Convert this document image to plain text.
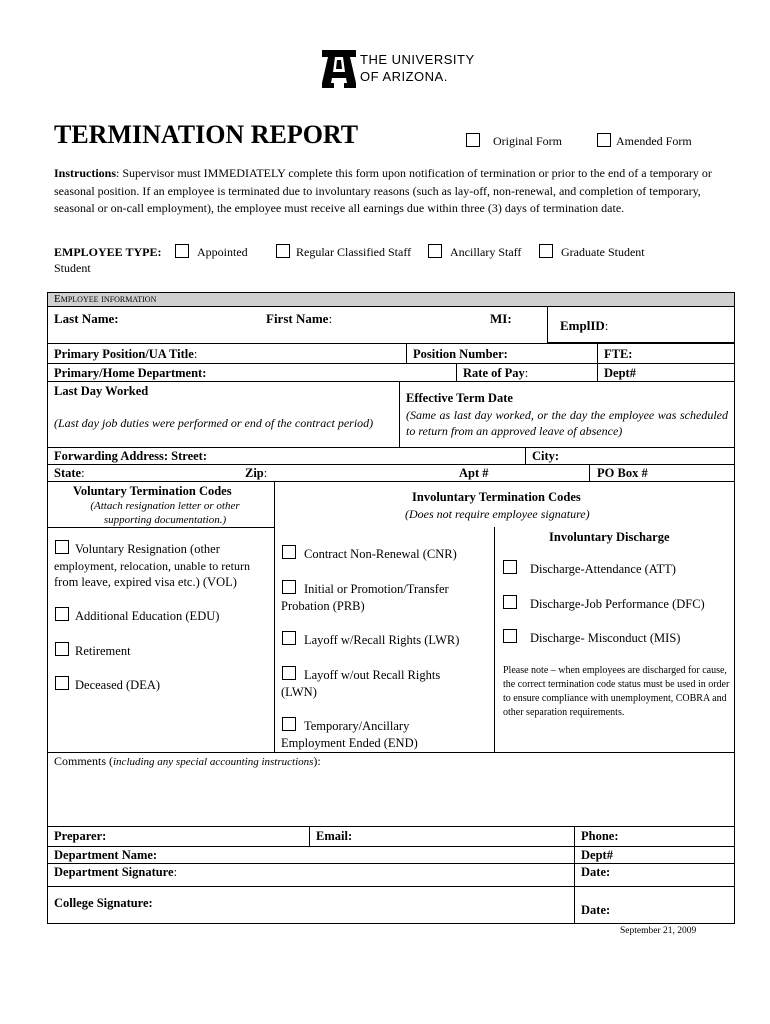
THE UNIVERSITY
OF ARIZONA.
TERMINATION REPORT	Original Form	Amended Form
Instructions: Supervisor must IMMEDIATELY complete this form upon notification of termination or prior to the end of a temporary or seasonal position. If an employee is terminated due to involuntary reasons (such as lay-off, non-renewal, and completion of temporary, seasonal or on-call employment), the employee must receive all earnings due within three (3) days of termination date.
EMPLOYEE TYPE:	Appointed	Regular Classified Staff	Ancillary Staff	Graduate Student
Student
Employee information
Last Name:	First Name:	MI:	EmplID:
Primary Position/UA Title:	Position Number:	FTE:
Primary/Home Department:	Rate of Pay:	Dept#
Last Day Worked
(Last day job duties were performed or end of the contract period)
Effective Term Date
(Same as last day worked, or the day the employee was scheduled to return from an approved leave of absence)
Forwarding Address: Street:	City:
State:	Zip:	Apt #	PO Box #
Voluntary Termination Codes
(Attach resignation letter or other supporting documentation.)
Voluntary Resignation (other
employment, relocation, unable to return
from leave, expired visa etc.) (VOL)
Additional Education (EDU)
Retirement
Deceased (DEA)
Involuntary Termination Codes
(Does not require employee signature)
Contract Non-Renewal (CNR)
Initial or Promotion/Transfer
Probation (PRB)
Layoff w/Recall Rights (LWR)
Layoff w/out Recall Rights
(LWN)
Temporary/Ancillary
Employment Ended (END)
Involuntary Discharge
Discharge-Attendance (ATT)
Discharge-Job Performance (DFC)
Discharge- Misconduct (MIS)
Please note – when employees are discharged for cause, the correct termination code status must be used in order to ensure compliance with unemployment, COBRA and other separation requirements.
Comments (including any special accounting instructions):
Preparer:	Email:	Phone:
Department Name:	Dept#
Department Signature:	Date:
College Signature:	Date:
September 21, 2009
